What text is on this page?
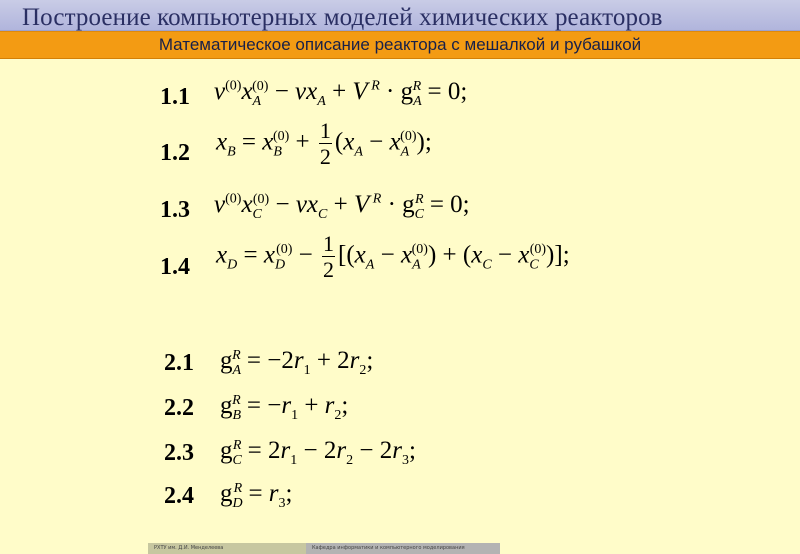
Построение компьютерных моделей химических реакторов
Математическое описание реактора с мешалкой и рубашкой
1.1 $v^{(0)}x_A^{(0)} - vx_A + V$ $^R \cdot g_A^R = 0$;
1.2 $x_B = x_B^{(0)} + \frac{1}{2} (x_A - x_A^{(0)})$;
1.3 $v^{(0)}x_C^{(0)} - vx_C + V$ $^R \cdot g_C^R = 0$;
1.4 $x_D = x_D^{(0)} - \frac{1}{2} [(x_A - x_A^{(0)}) + (x_C - x_C^{(0)})]$;
2.1 $g_A^R = -2r_1 + 2r_2$;
2.2 $g_B^R = -r_1 + r_2$;
2.3 $g_C^R = 2r_1 - 2r_2 - 2r_3$;
2.4 $g_D^R = r_3$;
РХТУ им. Д.И. Менделеева	Кафедра информатики и компьютерного моделирования
